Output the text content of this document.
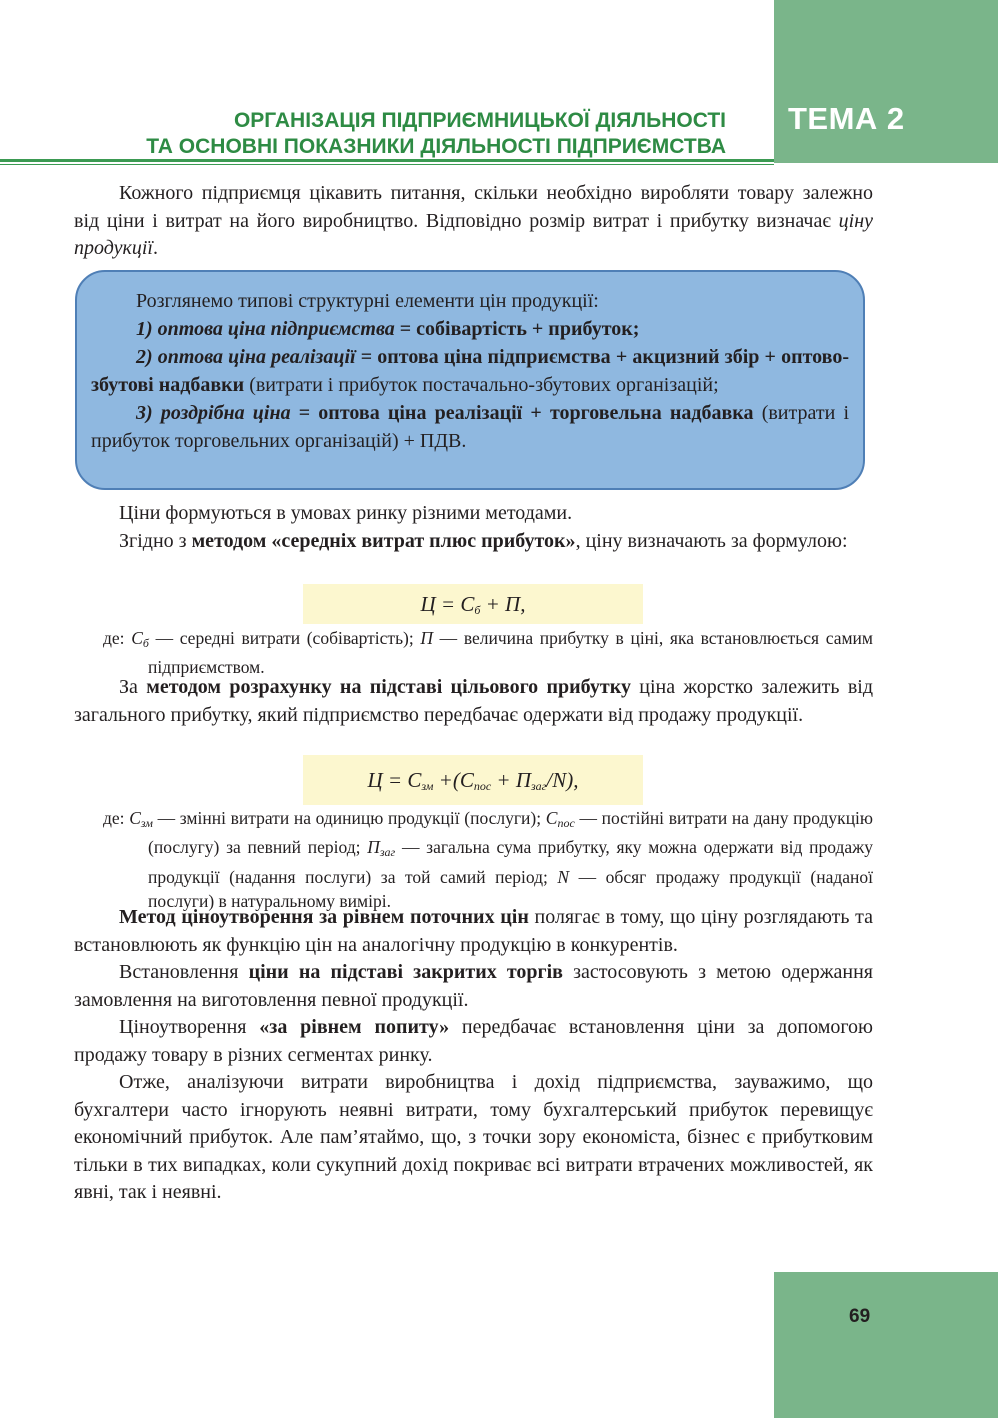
ТЕМА 2
ОРГАНІЗАЦІЯ ПІДПРИЄМНИЦЬКОЇ ДІЯЛЬНОСТІ
ТА ОСНОВНІ ПОКАЗНИКИ ДІЯЛЬНОСТІ ПІДПРИЄМСТВА

Кожного підприємця цікавить питання, скільки необхідно виробляти товару залежно від ціни і витрат на його виробництво. Відповідно розмір витрат і прибутку визначає ціну продукції.

Розглянемо типові структурні елементи цін продукції:

1) оптова ціна підприємства = собівартість + прибуток;

2) оптова ціна реалізації = оптова ціна підприємства + акцизний збір + оптово-збутові надбавки (витрати і прибуток постачально-збутових організацій;

3) роздрібна ціна = оптова ціна реалізації + торговельна надбавка (витрати і прибуток торговельних організацій) + ПДВ.

Ціни формуються в умовах ринку різними методами.

Згідно з методом «середніх витрат плюс прибуток», ціну визначають за формулою:

$Ц = С_б + П$,

де: $С_б$ — середні витрати (собівартість); П — величина прибутку в ціні, яка встановлюється самим підприємством.

За методом розрахунку на підставі цільового прибутку ціна жорстко залежить від загального прибутку, який підприємство передбачає одержати від продажу продукції.

$Ц = С_{зм} +(С_{пос} + П_{заг}/N)$,

де: $С_{зм}$ — змінні витрати на одиницю продукції (послуги); $С_{пос}$ — постійні витрати на дану продукцію (послугу) за певний період; $П_{заг}$ — загальна сума прибутку, яку можна одержати від продажу продукції (надання послуги) за той самий період; N — обсяг продажу продукції (наданої послуги) в натуральному вимірі.

Метод ціноутворення за рівнем поточних цін полягає в тому, що ціну розглядають та встановлюють як функцію цін на аналогічну продукцію в конкурентів.

Встановлення ціни на підставі закритих торгів застосовують з метою одержання замовлення на виготовлення певної продукції.

Ціноутворення «за рівнем попиту» передбачає встановлення ціни за допомогою продажу товару в різних сегментах ринку.

Отже, аналізуючи витрати виробництва і дохід підприємства, зауважимо, що бухгалтери часто ігнорують неявні витрати, тому бухгалтерський прибуток перевищує економічний прибуток. Але пам’ятаймо, що, з точки зору економіста, бізнес є прибутковим тільки в тих випадках, коли сукупний дохід покриває всі витрати втрачених можливостей, як явні, так і неявні.

69
